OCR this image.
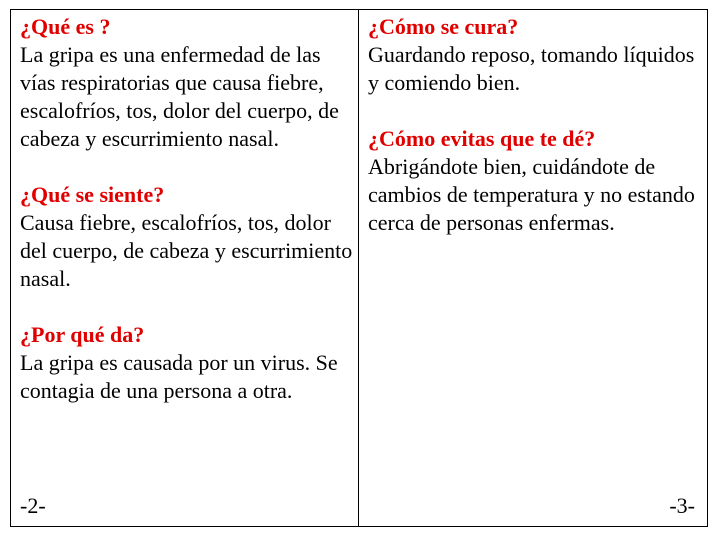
¿Qué es ?
La gripa es una enfermedad de las vías respiratorias que causa fiebre, escalofríos, tos, dolor del cuerpo, de cabeza y escurrimiento nasal.
¿Qué se siente?
Causa fiebre, escalofríos, tos, dolor del cuerpo, de cabeza y escurrimiento nasal.
¿Por qué da?
La gripa es causada por un virus. Se contagia de una persona a otra.
-2-
¿Cómo se cura?
Guardando reposo, tomando líquidos y comiendo bien.
¿Cómo evitas que te dé?
Abrigándote bien, cuidándote de cambios de temperatura y no estando cerca de personas enfermas.
-3-
